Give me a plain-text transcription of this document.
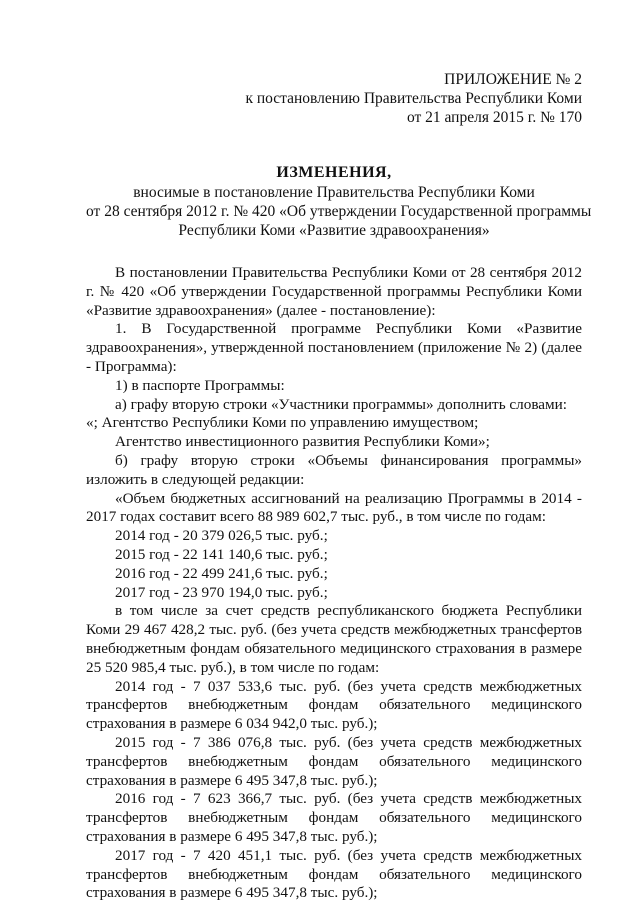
ПРИЛОЖЕНИЕ № 2
к постановлению Правительства Республики Коми
от 21 апреля 2015 г. № 170
ИЗМЕНЕНИЯ,
вносимые в постановление Правительства Республики Коми
от 28 сентября 2012 г. № 420 «Об утверждении Государственной программы
Республики Коми «Развитие здравоохранения»

В постановлении Правительства Республики Коми от 28 сентября 2012 г. № 420 «Об утверждении Государственной программы Республики Коми «Развитие здравоохранения» (далее - постановление):

1. В Государственной программе Республики Коми «Развитие здравоохранения», утвержденной постановлением (приложение № 2) (далее - Программа):

1) в паспорте Программы:

а) графу вторую строки «Участники программы» дополнить словами:

«; Агентство Республики Коми по управлению имуществом;

Агентство инвестиционного развития Республики Коми»;

б) графу вторую строки «Объемы финансирования программы» изложить в следующей редакции:

«Объем бюджетных ассигнований на реализацию Программы в 2014 - 2017 годах составит всего 88 989 602,7 тыс. руб., в том числе по годам:

2014 год - 20 379 026,5 тыс. руб.;

2015 год - 22 141 140,6 тыс. руб.;

2016 год - 22 499 241,6 тыс. руб.;

2017 год - 23 970 194,0 тыс. руб.;

в том числе за счет средств республиканского бюджета Республики Коми 29 467 428,2 тыс. руб. (без учета средств межбюджетных трансфертов внебюджетным фондам обязательного медицинского страхования в размере 25 520 985,4 тыс. руб.), в том числе по годам:

2014 год - 7 037 533,6 тыс. руб. (без учета средств межбюджетных трансфертов внебюджетным фондам обязательного медицинского страхования в размере 6 034 942,0 тыс. руб.);

2015 год - 7 386 076,8 тыс. руб. (без учета средств межбюджетных трансфертов внебюджетным фондам обязательного медицинского страхования в размере 6 495 347,8 тыс. руб.);

2016 год - 7 623 366,7 тыс. руб. (без учета средств межбюджетных трансфертов внебюджетным фондам обязательного медицинского страхования в размере 6 495 347,8 тыс. руб.);

2017 год - 7 420 451,1 тыс. руб. (без учета средств межбюджетных трансфертов внебюджетным фондам обязательного медицинского страхования в размере 6 495 347,8 тыс. руб.);
